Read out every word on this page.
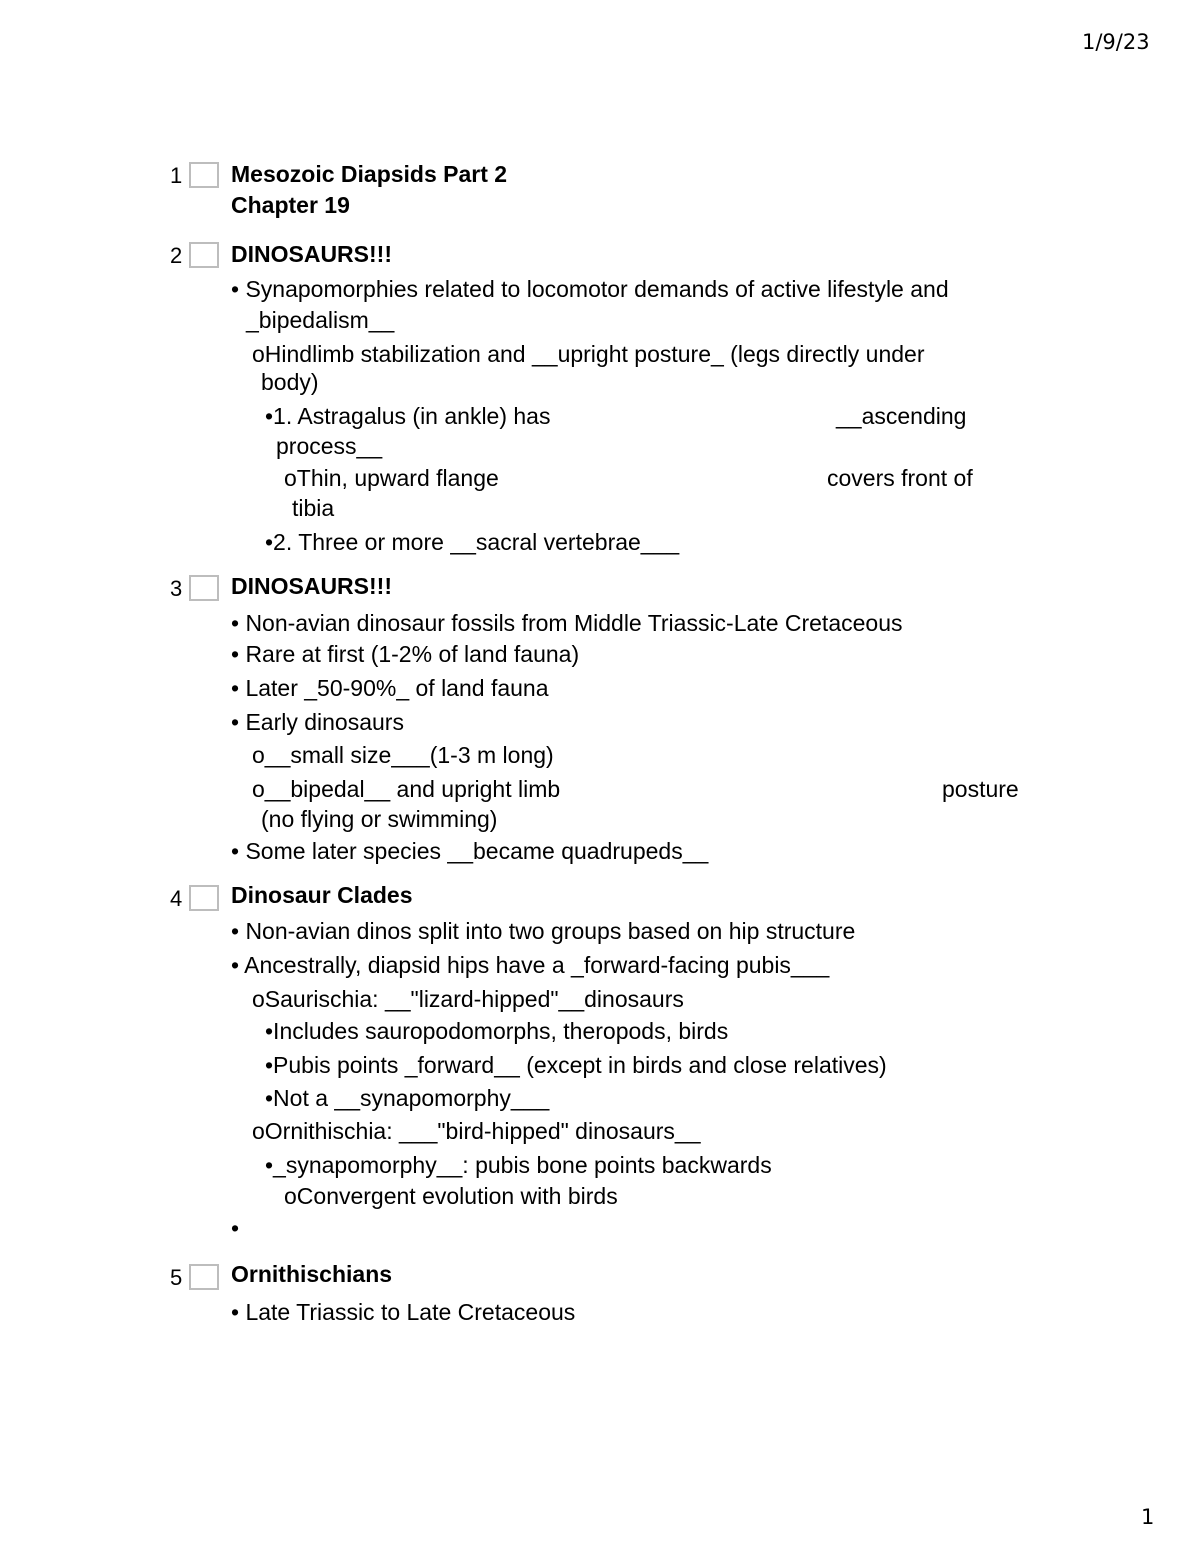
1/9/23
1 Mesozoic Diapsids Part 2
Chapter 19
2 DINOSAURS!!!
• Synapomorphies related to locomotor demands of active lifestyle and
_bipedalism__
oHindlimb stabilization and __upright posture_ (legs directly under
body)
•1. Astragalus (in ankle) has	__ascending
process__
oThin, upward flange	covers front of
tibia
•2. Three or more __sacral vertebrae___
3 DINOSAURS!!!
• Non-avian dinosaur fossils from Middle Triassic-Late Cretaceous
• Rare at first (1-2% of land fauna)
• Later _50-90%_ of land fauna
• Early dinosaurs
o__small size___(1-3 m long)
o__bipedal__ and upright limb	posture
(no flying or swimming)
• Some later species __became quadrupeds__
4 Dinosaur Clades
• Non-avian dinos split into two groups based on hip structure
• Ancestrally, diapsid hips have a _forward-facing pubis___
oSaurischia: __"lizard-hipped"__dinosaurs
•Includes sauropodomorphs, theropods, birds
•Pubis points _forward__ (except in birds and close relatives)
•Not a __synapomorphy___
oOrnithischia: ___"bird-hipped" dinosaurs__
•_synapomorphy__: pubis bone points backwards
oConvergent evolution with birds
•
5 Ornithischians
• Late Triassic to Late Cretaceous
1
